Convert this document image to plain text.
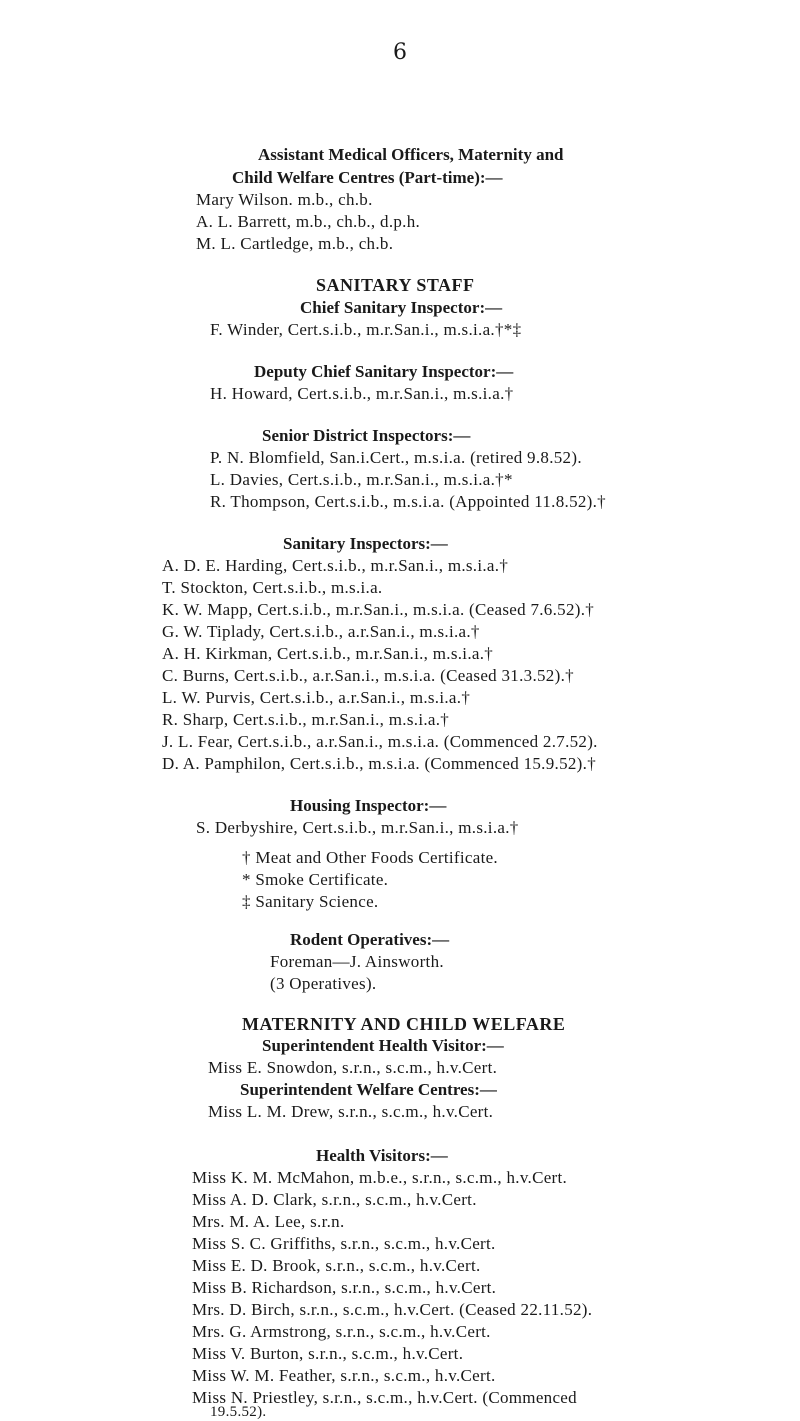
6
Assistant Medical Officers, Maternity and
Child Welfare Centres (Part-time):—
Mary Wilson. m.b., ch.b.
A. L. Barrett, m.b., ch.b., d.p.h.
M. L. Cartledge, m.b., ch.b.
SANITARY STAFF
Chief Sanitary Inspector:—
F. Winder, Cert.s.i.b., m.r.San.i., m.s.i.a.†*‡
Deputy Chief Sanitary Inspector:—
H. Howard, Cert.s.i.b., m.r.San.i., m.s.i.a.†
Senior District Inspectors:—
P. N. Blomfield, San.i.Cert., m.s.i.a. (retired 9.8.52).
L. Davies, Cert.s.i.b., m.r.San.i., m.s.i.a.†*
R. Thompson, Cert.s.i.b., m.s.i.a. (Appointed 11.8.52).†
Sanitary Inspectors:—
A. D. E. Harding, Cert.s.i.b., m.r.San.i., m.s.i.a.†
T. Stockton, Cert.s.i.b., m.s.i.a.
K. W. Mapp, Cert.s.i.b., m.r.San.i., m.s.i.a. (Ceased 7.6.52).†
G. W. Tiplady, Cert.s.i.b., a.r.San.i., m.s.i.a.†
A. H. Kirkman, Cert.s.i.b., m.r.San.i., m.s.i.a.†
C. Burns, Cert.s.i.b., a.r.San.i., m.s.i.a. (Ceased 31.3.52).†
L. W. Purvis, Cert.s.i.b., a.r.San.i., m.s.i.a.†
R. Sharp, Cert.s.i.b., m.r.San.i., m.s.i.a.†
J. L. Fear, Cert.s.i.b., a.r.San.i., m.s.i.a. (Commenced 2.7.52).
D. A. Pamphilon, Cert.s.i.b., m.s.i.a. (Commenced 15.9.52).†
Housing Inspector:—
S. Derbyshire, Cert.s.i.b., m.r.San.i., m.s.i.a.†
† Meat and Other Foods Certificate.
* Smoke Certificate.
‡ Sanitary Science.
Rodent Operatives:—
Foreman—J. Ainsworth.
(3 Operatives).
MATERNITY AND CHILD WELFARE
Superintendent Health Visitor:—
Miss E. Snowdon, s.r.n., s.c.m., h.v.Cert.
Superintendent Welfare Centres:—
Miss L. M. Drew, s.r.n., s.c.m., h.v.Cert.
Health Visitors:—
Miss K. M. McMahon, m.b.e., s.r.n., s.c.m., h.v.Cert.
Miss A. D. Clark, s.r.n., s.c.m., h.v.Cert.
Mrs. M. A. Lee, s.r.n.
Miss S. C. Griffiths, s.r.n., s.c.m., h.v.Cert.
Miss E. D. Brook, s.r.n., s.c.m., h.v.Cert.
Miss B. Richardson, s.r.n., s.c.m., h.v.Cert.
Mrs. D. Birch, s.r.n., s.c.m., h.v.Cert. (Ceased 22.11.52).
Mrs. G. Armstrong, s.r.n., s.c.m., h.v.Cert.
Miss V. Burton, s.r.n., s.c.m., h.v.Cert.
Miss W. M. Feather, s.r.n., s.c.m., h.v.Cert.
Miss N. Priestley, s.r.n., s.c.m., h.v.Cert. (Commenced
19.5.52).
